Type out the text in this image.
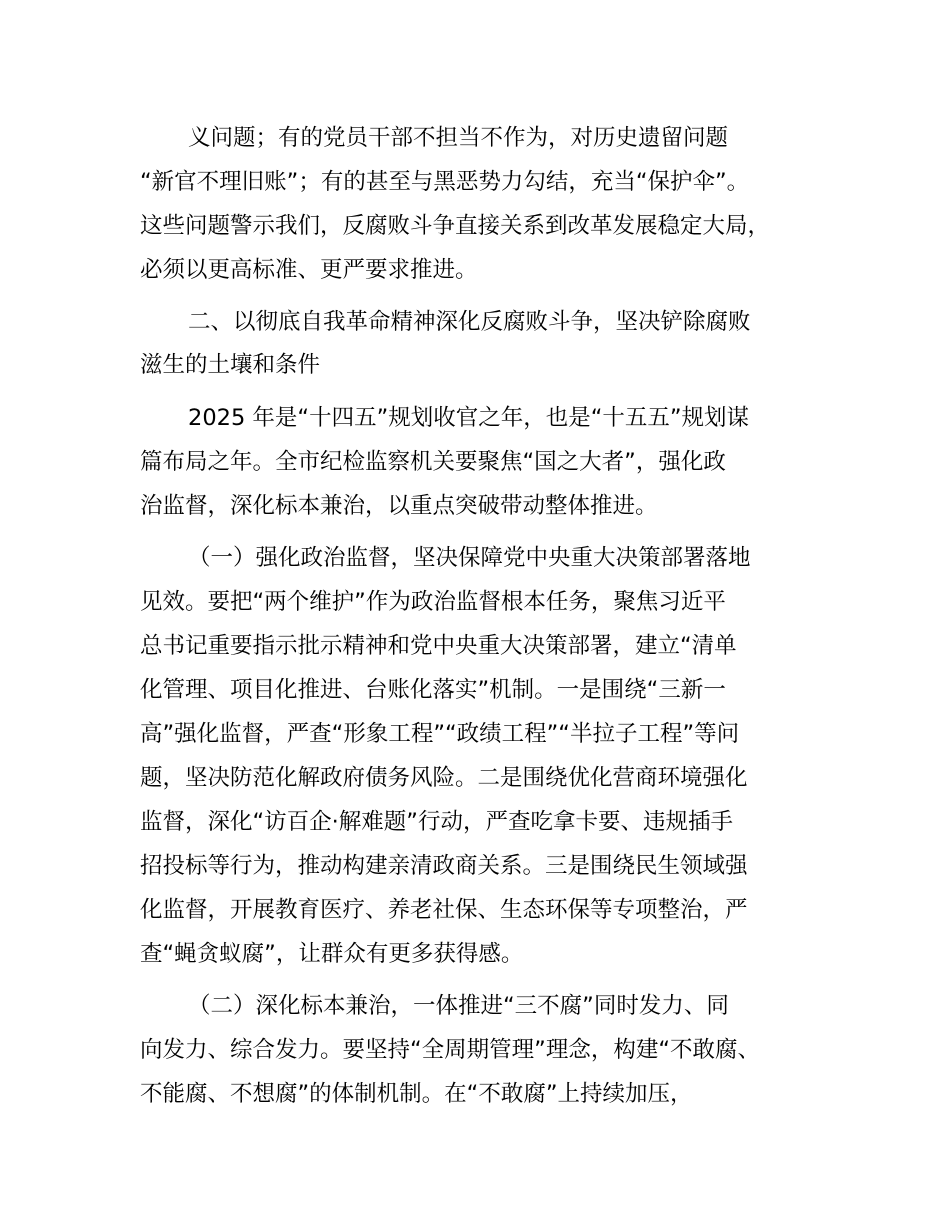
义问题；有的党员干部不担当不作为，对历史遗留问题
“新官不理旧账”；有的甚至与黑恶势力勾结，充当“保护伞”。
这些问题警示我们，反腐败斗争直接关系到改革发展稳定大局，
必须以更高标准、更严要求推进。
二、以彻底自我革命精神深化反腐败斗争，坚决铲除腐败
滋生的土壤和条件
2025 年是“十四五”规划收官之年，也是“十五五”规划谋
篇布局之年。全市纪检监察机关要聚焦“国之大者”，强化政
治监督，深化标本兼治，以重点突破带动整体推进。
（一）强化政治监督，坚决保障党中央重大决策部署落地
见效。要把“两个维护”作为政治监督根本任务，聚焦习近平
总书记重要指示批示精神和党中央重大决策部署，建立“清单
化管理、项目化推进、台账化落实”机制。一是围绕“三新一
高”强化监督，严查“形象工程”“政绩工程”“半拉子工程”等问
题，坚决防范化解政府债务风险。二是围绕优化营商环境强化
监督，深化“访百企·解难题”行动，严查吃拿卡要、违规插手
招投标等行为，推动构建亲清政商关系。三是围绕民生领域强
化监督，开展教育医疗、养老社保、生态环保等专项整治，严
查“蝇贪蚁腐”，让群众有更多获得感。
（二）深化标本兼治，一体推进“三不腐”同时发力、同
向发力、综合发力。要坚持“全周期管理”理念，构建“不敢腐、
不能腐、不想腐”的体制机制。在“不敢腐”上持续加压，
